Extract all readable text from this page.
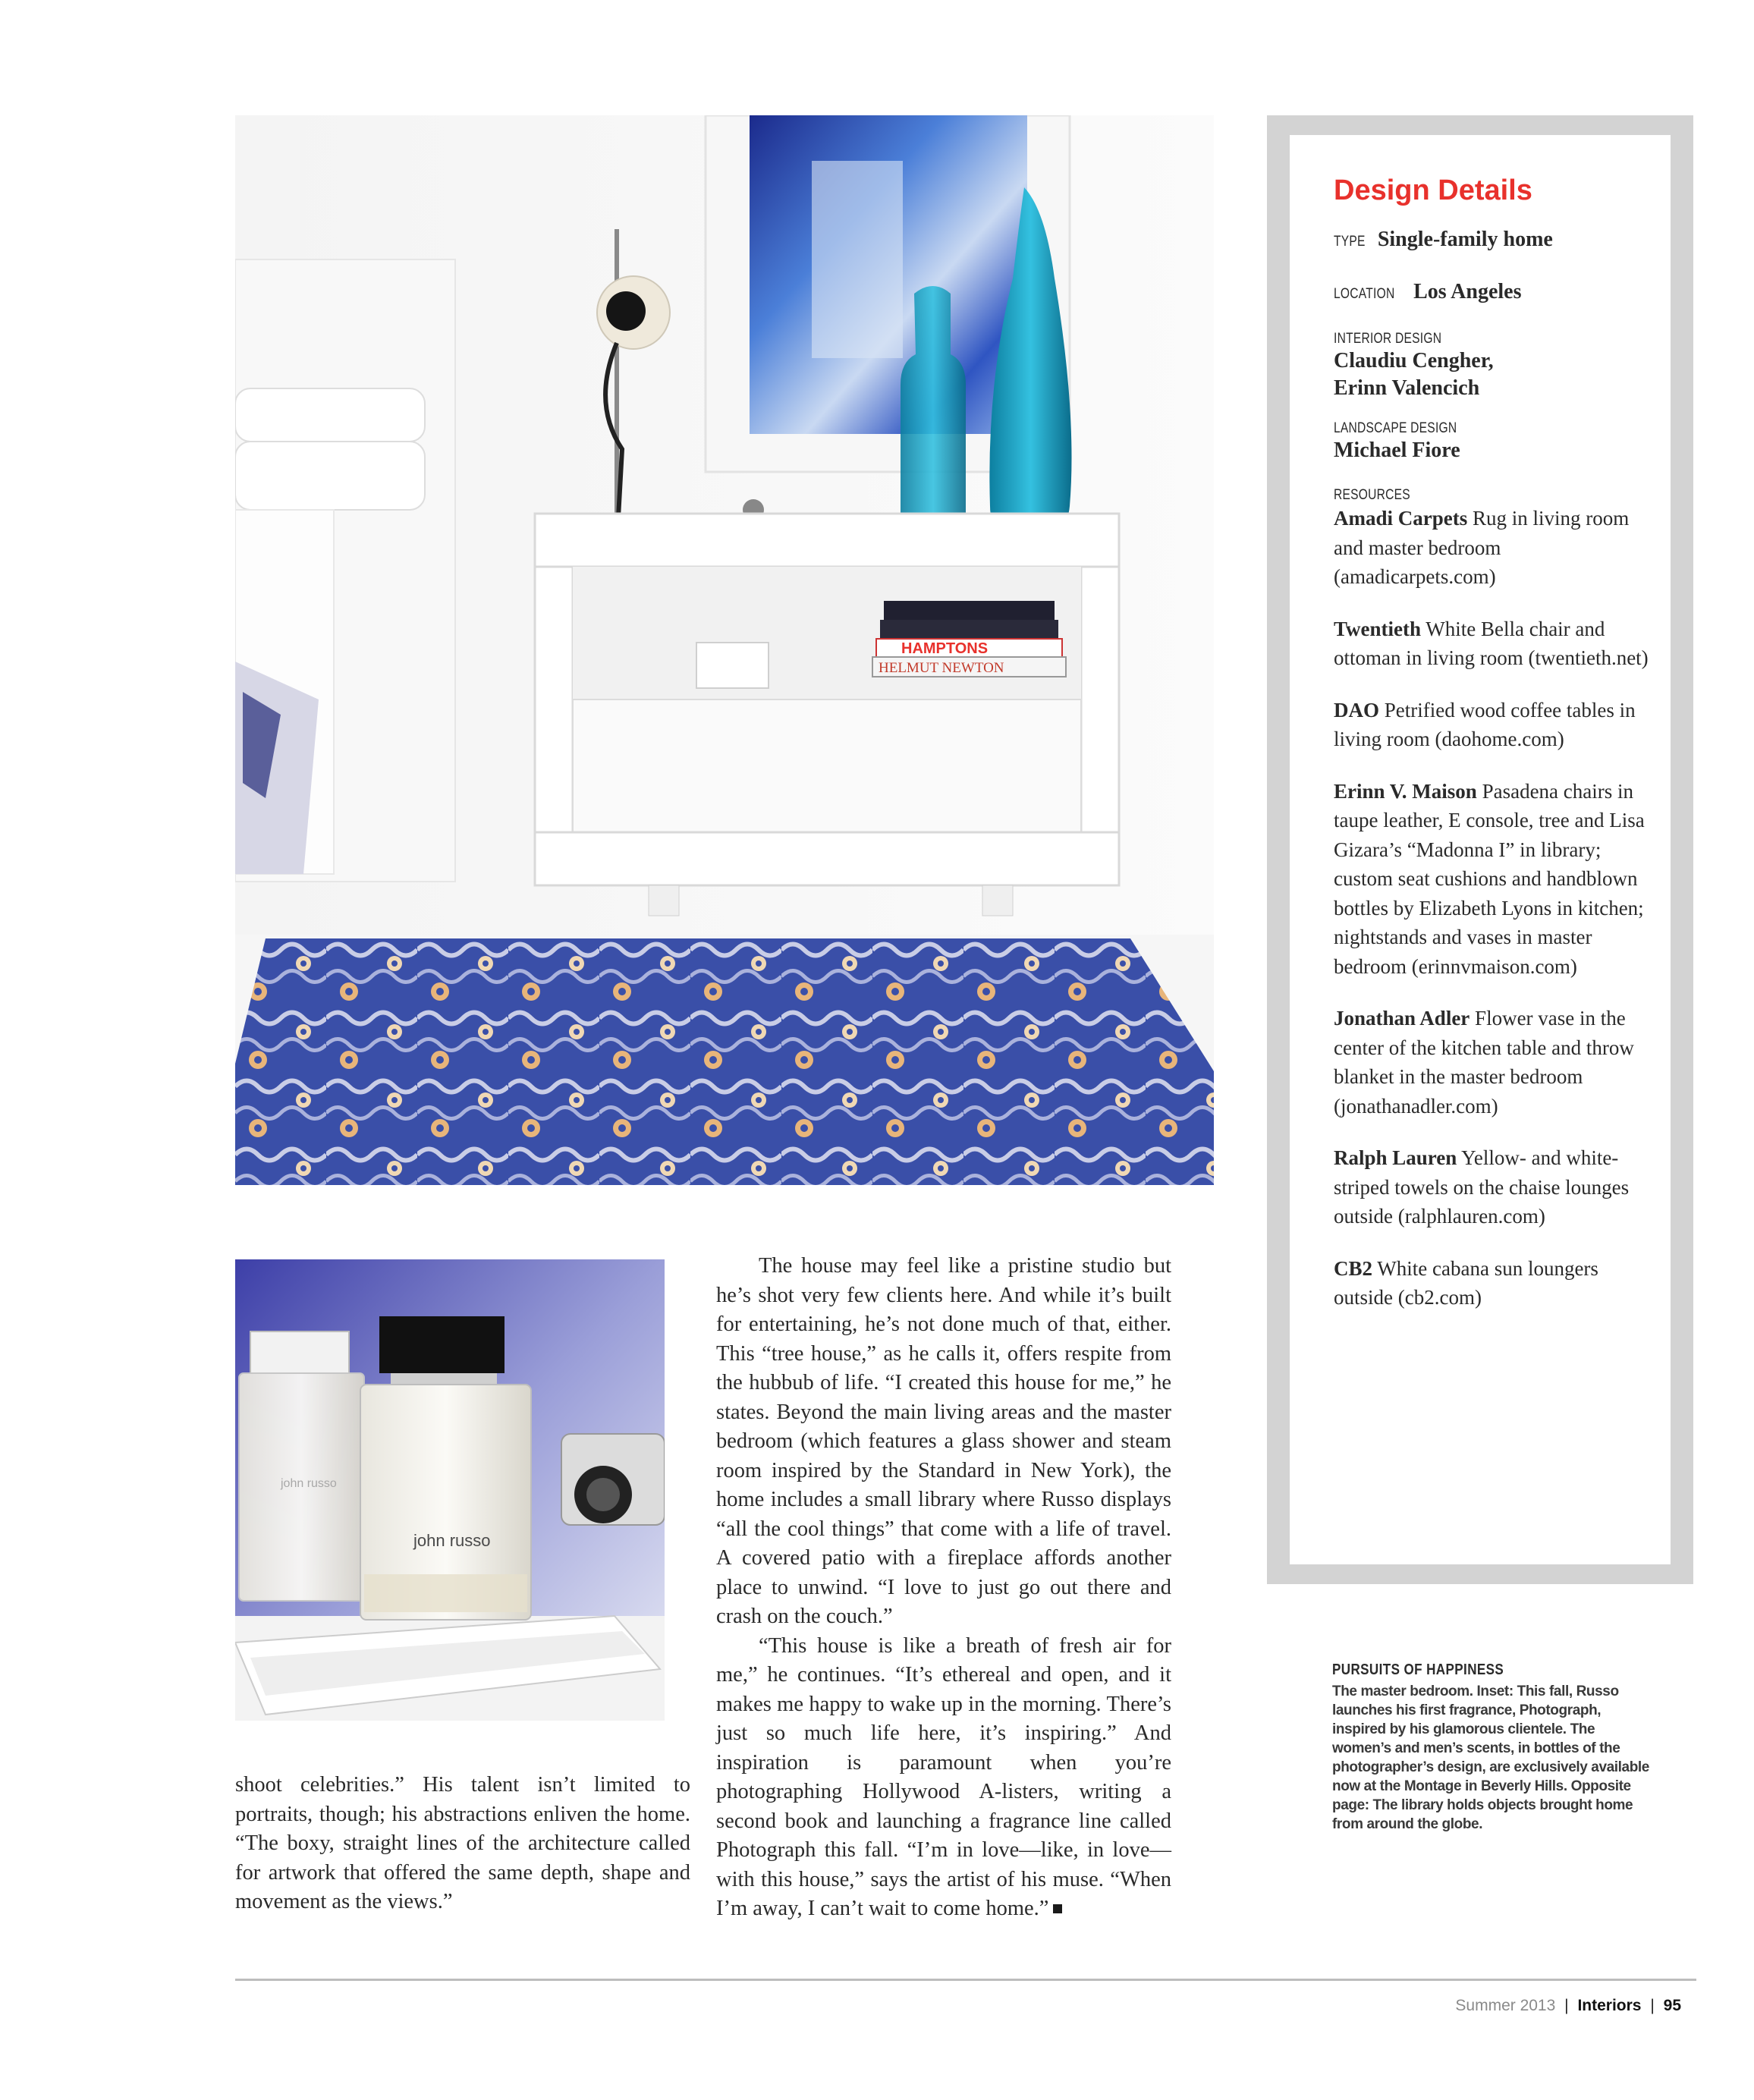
HAMPTONS
HELMUT NEWTON
john russo
john russo

shoot celebrities.” His talent isn’t limited to portraits, though; his abstractions enliven the home. “The boxy, straight lines of the architecture called for artwork that offered the same depth, shape and movement as the views.”

The house may feel like a pristine studio but he’s shot very few clients here. And while it’s built for entertaining, he’s not done much of that, either. This “tree house,” as he calls it, offers respite from the hubbub of life. “I created this house for me,” he states. Beyond the main living areas and the master bedroom (which features a glass shower and steam room inspired by the Standard in New York), the home includes a small library where Russo displays “all the cool things” that come with a life of travel. A covered patio with a fireplace affords another place to unwind. “I love to just go out there and crash on the couch.”

“This house is like a breath of fresh air for me,” he continues. “It’s ethereal and open, and it makes me happy to wake up in the morning. There’s just so much life here, it’s inspiring.” And inspiration is paramount when you’re photographing Hollywood A-listers, writing a second book and launching a fragrance line called Photograph this fall. “I’m in love—like, in love—with this house,” says the artist of his muse. “When I’m away, I can’t wait to come home.”

Design Details
TYPE Single-family home
LOCATION Los Angeles
INTERIOR DESIGN
Claudiu Cengher,
Erinn Valencich
LANDSCAPE DESIGN
Michael Fiore
RESOURCES
Amadi Carpets Rug in living room and master bedroom (amadicarpets.com)
Twentieth White Bella chair and ottoman in living room (twentieth.net)
DAO Petrified wood coffee tables in living room (daohome.com)
Erinn V. Maison Pasadena chairs in taupe leather, E console, tree and Lisa Gizara’s “Madonna I” in library; custom seat cushions and handblown bottles by Elizabeth Lyons in kitchen; nightstands and vases in master bedroom (erinnvmaison.com)
Jonathan Adler Flower vase in the center of the kitchen table and throw blanket in the master bedroom (jonathanadler.com)
Ralph Lauren Yellow- and white-striped towels on the chaise lounges outside (ralphlauren.com)
CB2 White cabana sun loungers outside (cb2.com)
PURSUITS OF HAPPINESS
The master bedroom. Inset: This fall, Russo launches his first fragrance, Photograph, inspired by his glamorous clientele. The women’s and men’s scents, in bottles of the photographer’s design, are exclusively available now at the Montage in Beverly Hills. Opposite page: The library holds objects brought home from around the globe.
Summer 2013 | Interiors | 95
